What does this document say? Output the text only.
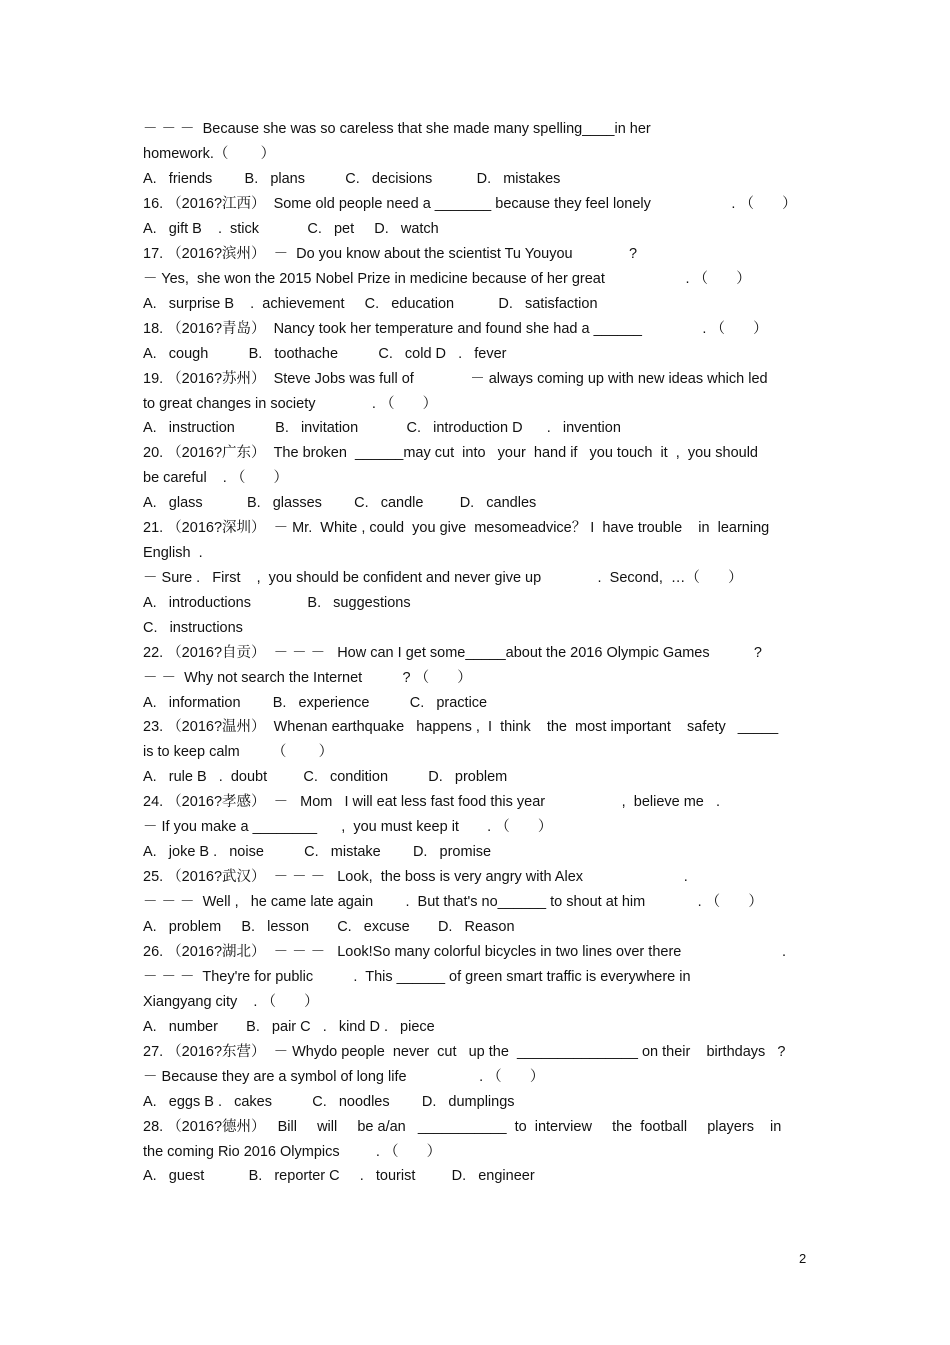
－ － －  Because she was so careless that she made many spelling____in her
homework.（        ）
A.   friends        B.   plans          C.   decisions           D.   mistakes
16. （2016?江西）  Some old people need a _______ because they feel lonely                    . （       ）
A.   gift B    .  stick            C.   pet     D.   watch
17. （2016?滨州）  －  Do you know about the scientist Tu Youyou              ?
－ Yes,  she won the 2015 Nobel Prize in medicine because of her great                    . （       ）
A.   surprise B    .  achievement     C.   education           D.   satisfaction
18. （2016?青岛）  Nancy took her temperature and found she had a ______               . （       ）
A.   cough          B.   toothache          C.   cold D   .   fever
19. （2016?苏州）  Steve Jobs was full of              － always coming up with new ideas which led
to great changes in society              . （       ）
A.   instruction          B.   invitation            C.   introduction D      .   invention
20. （2016?广东）  The broken  ______may cut  into   your  hand if   you touch  it  ,  you should
be careful    . （       ）
A.   glass           B.   glasses        C.   candle         D.   candles
21. （2016?深圳）  － Mr.  White , could  you give  mesomeadvice？ I  have trouble    in  learning
English  .
－ Sure .   First    ,  you should be confident and never give up              .  Second,  …（       ）
A.   introductions              B.   suggestions
C.   instructions
22. （2016?自贡）  － － －   How can I get some_____about the 2016 Olympic Games           ?
－ －  Why not search the Internet          ? （       ）
A.   information        B.   experience          C.   practice
23. （2016?温州）  Whenan earthquake   happens ,  I  think    the  most important    safety   _____
is to keep calm        （        ）
A.   rule B   .  doubt         C.   condition          D.   problem
24. （2016?孝感）  －   Mom   I will eat less fast food this year                   ,  believe me   .
－ If you make a ________      ,  you must keep it       . （       ）
A.   joke B .   noise          C.   mistake        D.   promise
25. （2016?武汉）  － － －   Look,  the boss is very angry with Alex                         .
－ － －  Well ,   he came late again        .  But that's no______ to shout at him             . （       ）
A.   problem     B.   lesson       C.   excuse       D.   Reason
26. （2016?湖北）  － － －   Look!So many colorful bicycles in two lines over there                         .
－ － －  They're for public          .  This ______ of green smart traffic is everywhere in
Xiangyang city    . （       ）
A.   number       B.   pair C   .   kind D .   piece
27. （2016?东营）  － Whydo people  never  cut   up the  _______________ on their    birthdays   ?
－ Because they are a symbol of long life                  . （       ）
A.   eggs B .   cakes          C.   noodles        D.   dumplings
28. （2016?德州）   Bill     will     be a/an   ___________  to  interview     the  football     players    in
the coming Rio 2016 Olympics         . （       ）
A.   guest           B.   reporter C     .   tourist         D.   engineer
2
